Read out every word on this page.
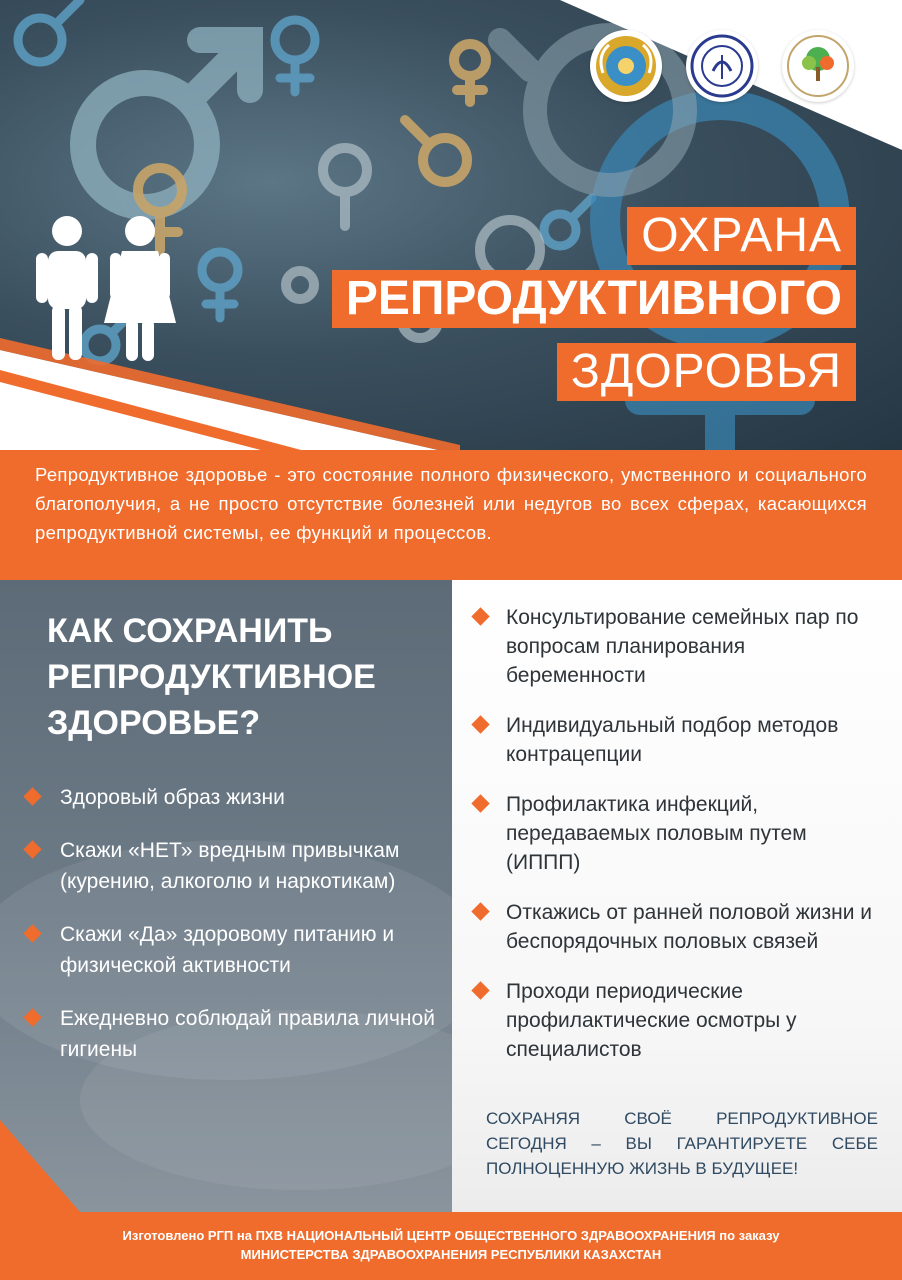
ОХРАНА
РЕПРОДУКТИВНОГО
ЗДОРОВЬЯ

Репродуктивное здоровье - это состояние полного физического, умственного и социального благополучия, а не просто отсутствие болезней или недугов во всех сферах, касающихся репродуктивной системы, ее функций и процессов.

КАК СОХРАНИТЬ
РЕПРОДУКТИВНОЕ
ЗДОРОВЬЕ?
Здоровый образ жизни
Скажи «НЕТ» вредным привычкам (курению, алкоголю и наркотикам)
Скажи «Да» здоровому питанию и физической активности
Ежедневно соблюдай правила личной гигиены
Консультирование семейных пар по вопросам планирования беременности
Индивидуальный подбор методов контрацепции
Профилактика инфекций, передаваемых половым путем (ИППП)
Откажись от ранней половой жизни и беспорядочных половых связей
Проходи периодические профилактические осмотры у специалистов

СОХРАНЯЯ СВОЁ РЕПРОДУКТИВНОЕ СЕГОДНЯ – ВЫ ГАРАНТИРУЕТЕ СЕБЕ ПОЛНОЦЕННУЮ ЖИЗНЬ В БУДУЩЕЕ!

Изготовлено РГП на ПХВ НАЦИОНАЛЬНЫЙ ЦЕНТР ОБЩЕСТВЕННОГО ЗДРАВООХРАНЕНИЯ по заказу
МИНИСТЕРСТВА ЗДРАВООХРАНЕНИЯ РЕСПУБЛИКИ КАЗАХСТАН
